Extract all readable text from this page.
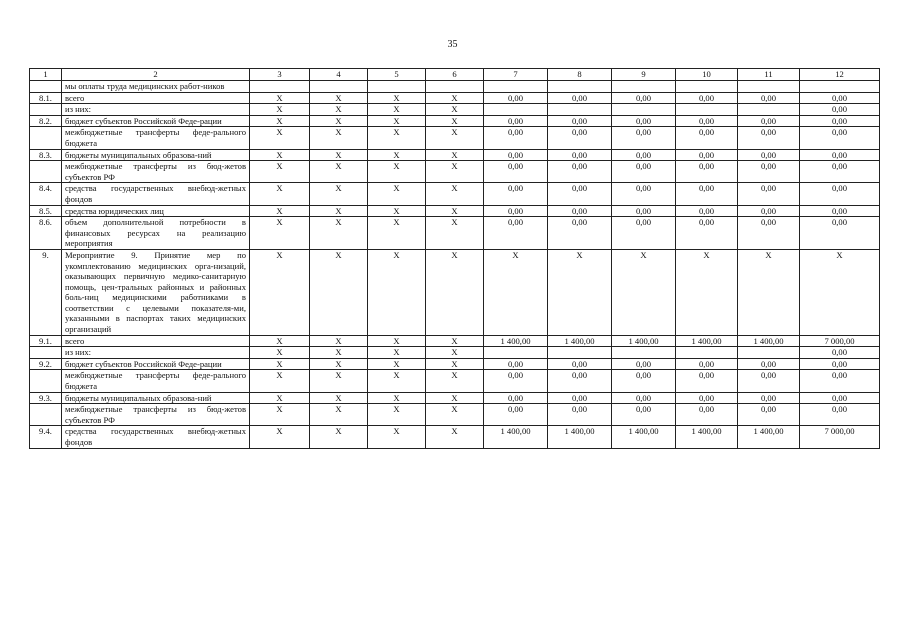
35
1	2	3	4	5	6	7	8	9	10	11	12
	мы оплаты труда медицинских работ-ников										
8.1.	всего	X	X	X	X	0,00	0,00	0,00	0,00	0,00	0,00
	из них:	X	X	X	X						0,00
8.2.	бюджет субъектов Российской Феде-рации	X	X	X	X	0,00	0,00	0,00	0,00	0,00	0,00
	межбюджетные трансферты феде-рального бюджета	X	X	X	X	0,00	0,00	0,00	0,00	0,00	0,00
8.3.	бюджеты муниципальных образова-ний	X	X	X	X	0,00	0,00	0,00	0,00	0,00	0,00
	межбюджетные трансферты из бюд-жетов субъектов РФ	X	X	X	X	0,00	0,00	0,00	0,00	0,00	0,00
8.4.	средства государственных внебюд-жетных фондов	X	X	X	X	0,00	0,00	0,00	0,00	0,00	0,00
8.5.	средства юридических лиц	X	X	X	X	0,00	0,00	0,00	0,00	0,00	0,00
8.6.	объем дополнительной потребности в финансовых ресурсах на реализацию мероприятия	X	X	X	X	0,00	0,00	0,00	0,00	0,00	0,00
9.	Мероприятие 9. Принятие мер по укомплектованию медицинских орга-низаций, оказывающих первичную медико-санитарную помощь, цен-тральных районных и районных боль-ниц медицинскими работниками в соответствии с целевыми показателя-ми, указанными в паспортах таких медицинских организаций	X	X	X	X	X	X	X	X	X	X
9.1.	всего	X	X	X	X	1 400,00	1 400,00	1 400,00	1 400,00	1 400,00	7 000,00
	из них:	X	X	X	X						0,00
9.2.	бюджет субъектов Российской Феде-рации	X	X	X	X	0,00	0,00	0,00	0,00	0,00	0,00
	межбюджетные трансферты феде-рального бюджета	X	X	X	X	0,00	0,00	0,00	0,00	0,00	0,00
9.3.	бюджеты муниципальных образова-ний	X	X	X	X	0,00	0,00	0,00	0,00	0,00	0,00
	межбюджетные трансферты из бюд-жетов субъектов РФ	X	X	X	X	0,00	0,00	0,00	0,00	0,00	0,00
9.4.	средства государственных внебюд-жетных фондов	X	X	X	X	1 400,00	1 400,00	1 400,00	1 400,00	1 400,00	7 000,00
